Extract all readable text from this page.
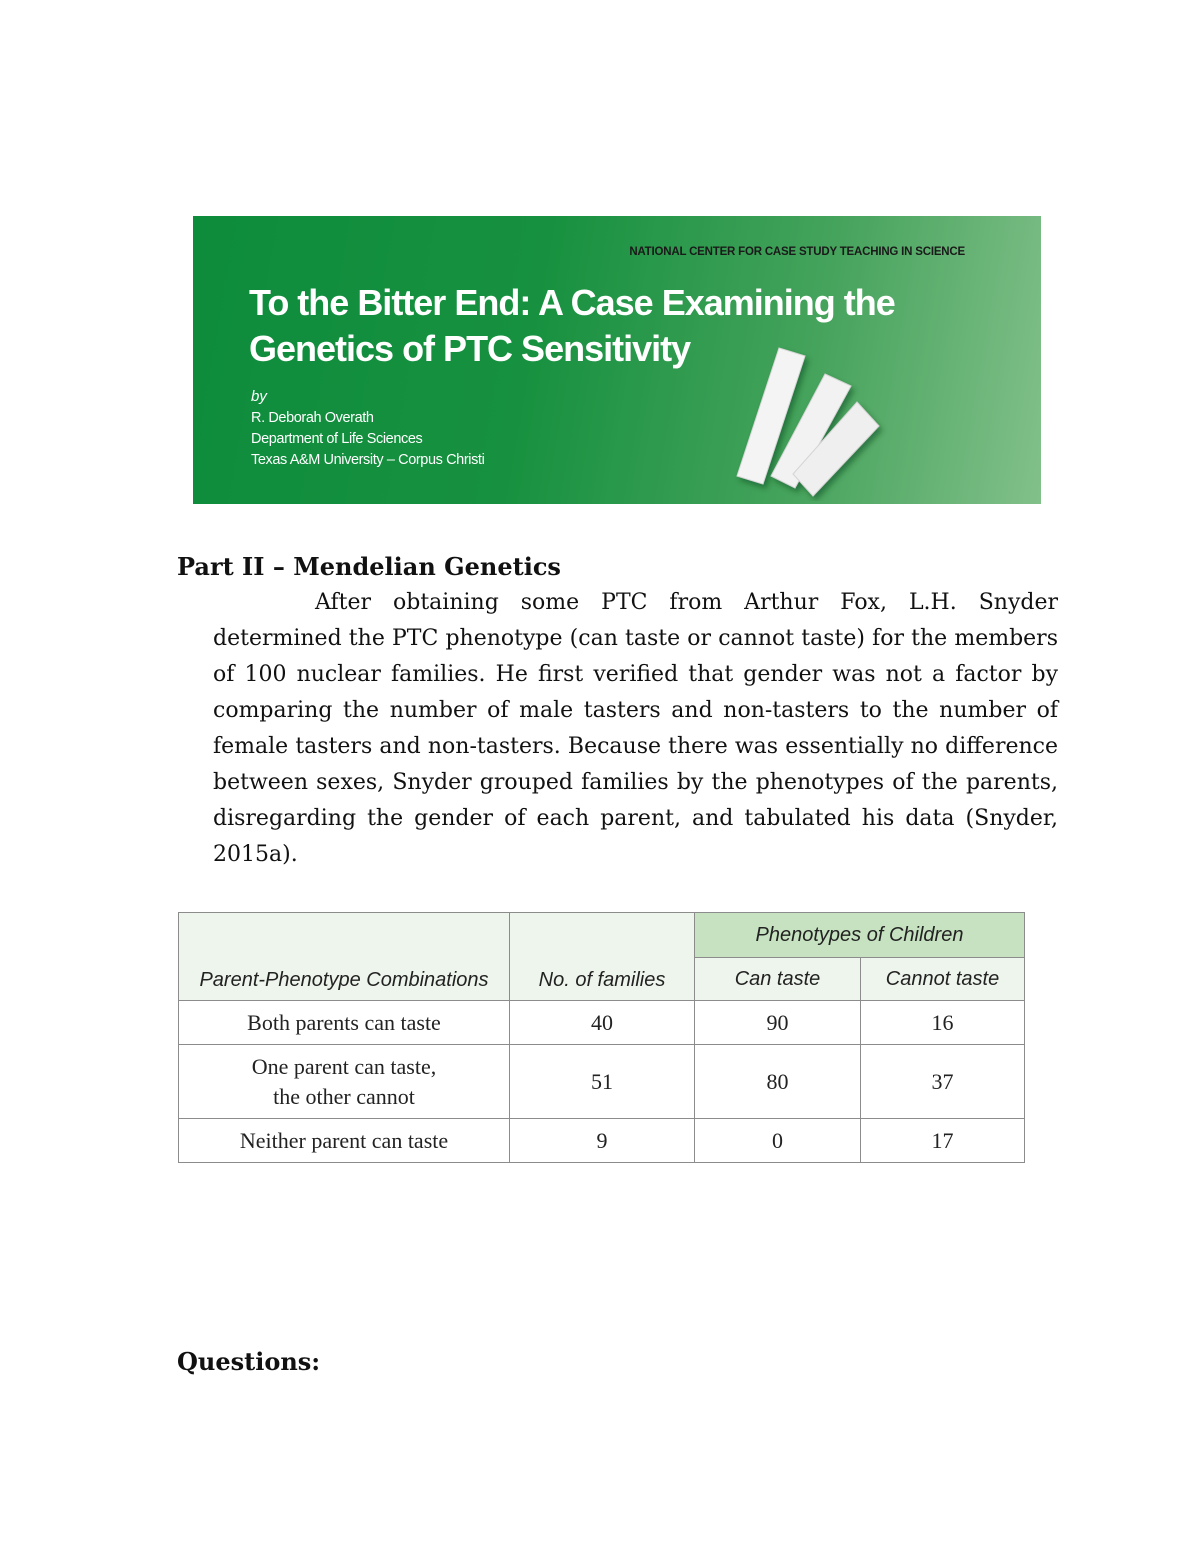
NATIONAL CENTER FOR CASE STUDY TEACHING IN SCIENCE
To the Bitter End: A Case Examining the
Genetics of PTC Sensitivity
by
R. Deborah Overath
Department of Life Sciences
Texas A&M University – Corpus Christi
Part II – Mendelian Genetics

After obtaining some PTC from Arthur Fox, L.H. Snyder determined the PTC phenotype (can taste or cannot taste) for the members of 100 nuclear families. He first verified that gender was not a factor by comparing the number of male tasters and non-tasters to the number of female tasters and non-tasters. Because there was essentially no difference between sexes, Snyder grouped families by the phenotypes of the parents, disregarding the gender of each parent, and tabulated his data (Snyder, 2015a).

Parent-Phenotype Combinations	No. of families	Phenotypes of Children	
		Can taste	Cannot taste
Both parents can taste	40	90	16

One parent can taste,
the other cannot	51	80	37
Neither parent can taste	9	0	17
Questions:
